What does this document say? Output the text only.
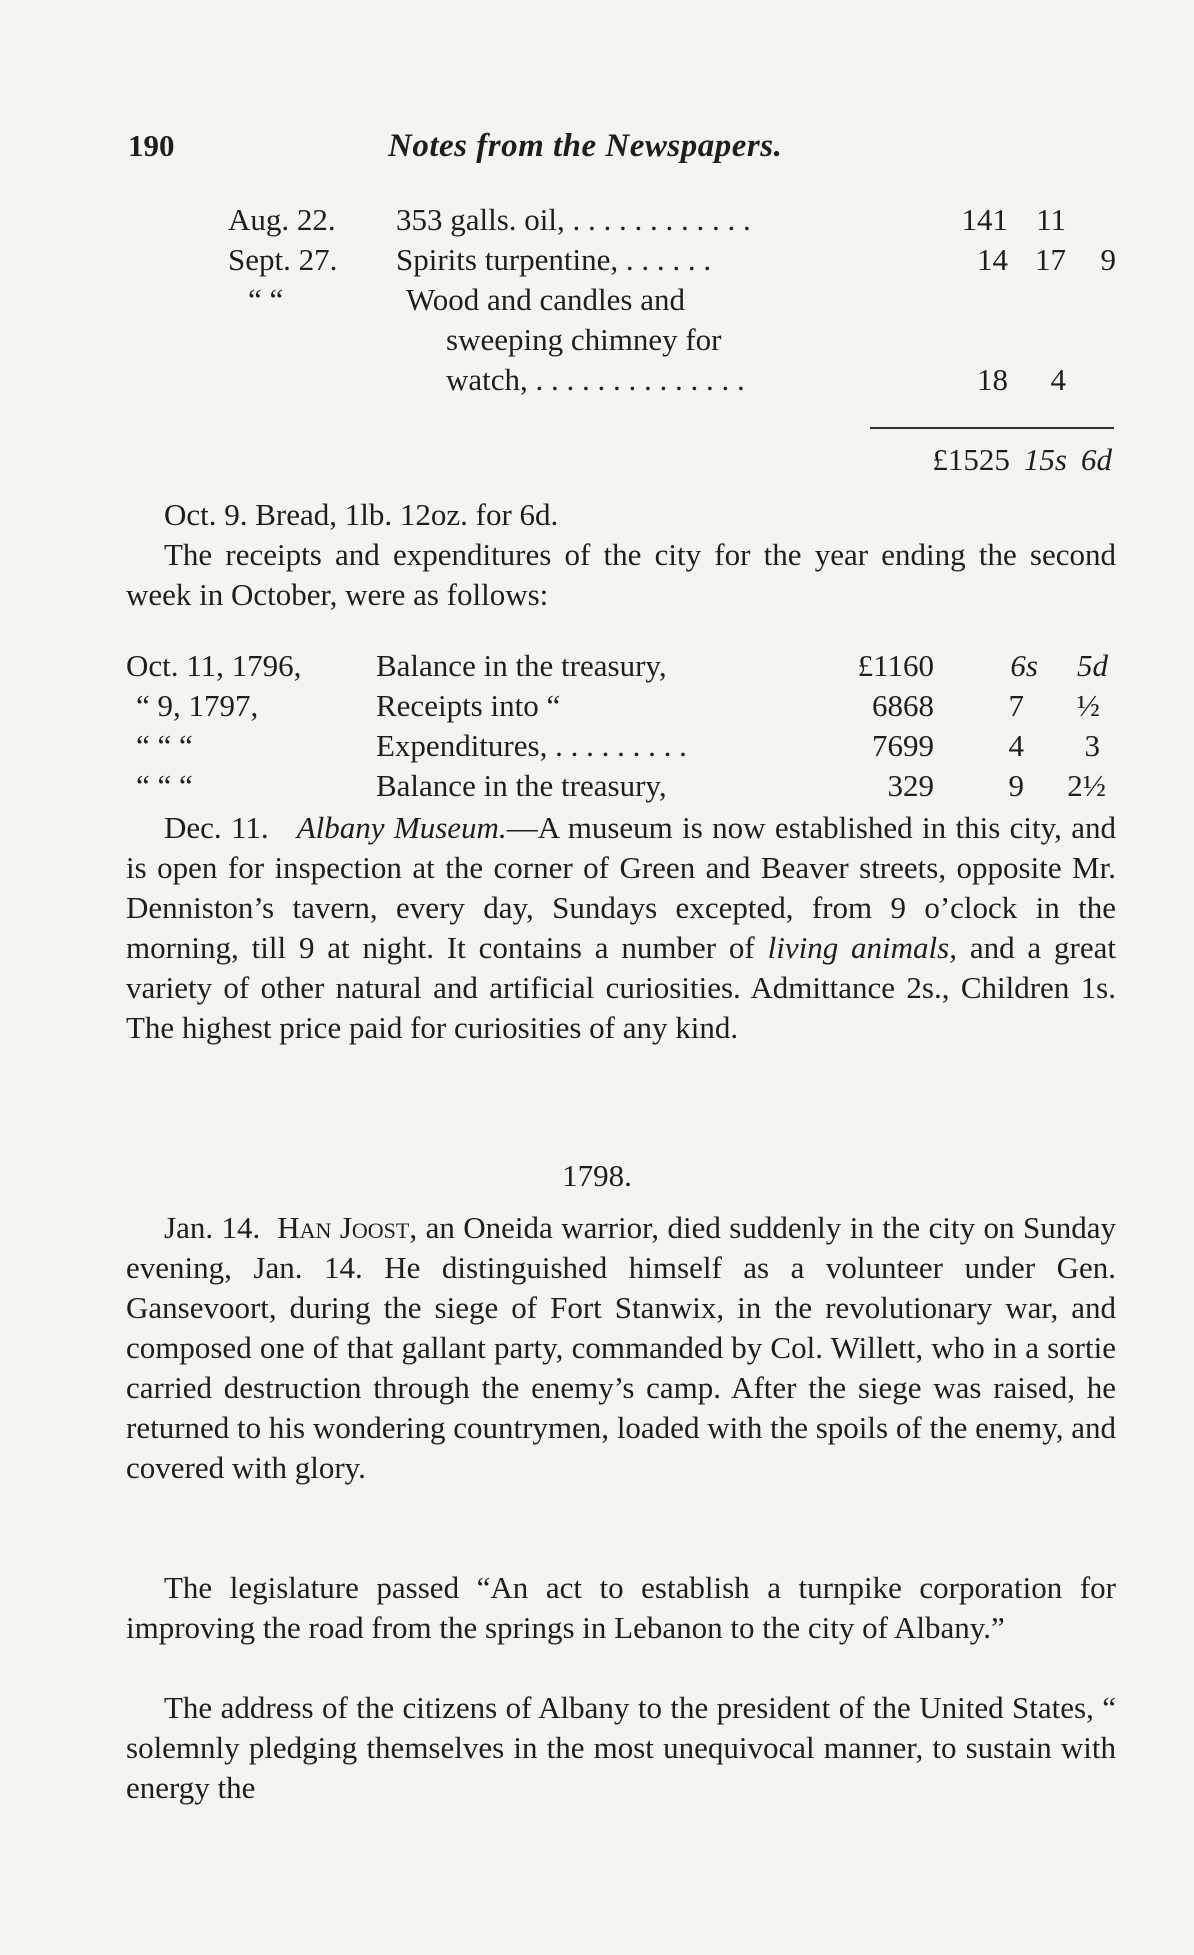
190	Notes from the Newspapers.
Aug. 22. 353 galls. oil, . . . . . . . . . . . .	141 11
Sept. 27. Spirits turpentine, . . . . . .	14 17 9
“ “	Wood and candles and
sweeping chimney for
watch, . . . . . . . . . . . . . .	18 4
£1525 15s 6d
Oct. 9. Bread, 1lb. 12oz. for 6d.
The receipts and expenditures of the city for the year ending the second week in October, were as follows:
Oct. 11, 1796, Balance in the treasury,	£1160 6s 5d
“ 9, 1797,	Receipts into “	6868 7 ½
“ “ “	Expenditures, . . . . . . . . .	7699 4 3
“ “ “	Balance in the treasury,	329 9 2½
Dec. 11. Albany Museum.—A museum is now established in this city, and is open for inspection at the corner of Green and Beaver streets, opposite Mr. Denniston’s tavern, every day, Sundays excepted, from 9 o’clock in the morning, till 9 at night. It contains a number of living animals, and a great variety of other natural and artificial curiosities. Admittance 2s., Children 1s. The highest price paid for curiosities of any kind.
1798.
Jan. 14. Han Joost, an Oneida warrior, died suddenly in the city on Sunday evening, Jan. 14. He distinguished himself as a volunteer under Gen. Gansevoort, during the siege of Fort Stanwix, in the revolutionary war, and composed one of that gallant party, commanded by Col. Willett, who in a sortie carried destruction through the enemy’s camp. After the siege was raised, he returned to his wondering countrymen, loaded with the spoils of the enemy, and covered with glory.
The legislature passed “An act to establish a turnpike corporation for improving the road from the springs in Lebanon to the city of Albany.”
The address of the citizens of Albany to the president of the United States, “ solemnly pledging themselves in the most unequivocal manner, to sustain with energy the
